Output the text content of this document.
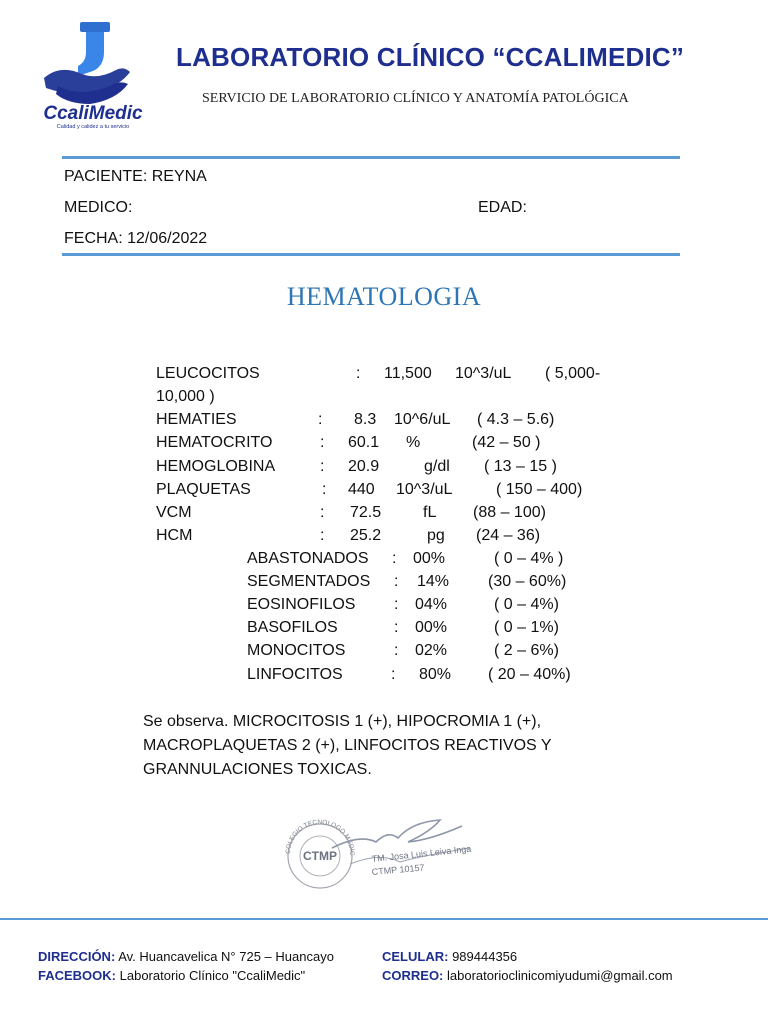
CcaliMedic
Calidad y calidez a tu servicio
LABORATORIO CLÍNICO “CCALIMEDIC”
SERVICIO DE LABORATORIO CLÍNICO Y ANATOMÍA PATOLÓGICA
PACIENTE: REYNA
MEDICO:	EDAD:
FECHA: 12/06/2022
HEMATOLOGIA
LEUCOCITOS	: 11,500 10^3/uL ( 5,000-
10,000 )
HEMATIES	: 8.3 10^6/uL ( 4.3 – 5.6)
HEMATOCRITO	: 60.1 %	(42 – 50 )
HEMOGLOBINA	: 20.9	g/dl ( 13 – 15 )
PLAQUETAS	: 440 10^3/uL	( 150 – 400)
VCM	: 72.5	fL (88 – 100)
HCM	: 25.2	pg (24 – 36)
ABASTONADOS : 00%	( 0 – 4% )
SEGMENTADOS : 14% (30 – 60%)
EOSINOFILOS : 04%	( 0 – 4%)
BASOFILOS	: 00%	( 0 – 1%)
MONOCITOS	: 02%	( 2 – 6%)
LINFOCITOS	: 80% ( 20 – 40%)
Se observa. MICROCITOSIS 1 (+), HIPOCROMIA 1 (+), MACROPLAQUETAS 2 (+), LINFOCITOS REACTIVOS Y GRANNULACIONES TOXICAS.
COLEGIO TECNOLOGO MEDIC
CTMP	TM. Josa Luis Leiva Inga
CTMP 10157
DIRECCIÓN: Av. Huancavelica N° 725 – Huancayo	CELULAR: 989444356
FACEBOOK: Laboratorio Clínico "CcaliMedic"	CORREO: laboratorioclinicomiyudumi@gmail.com
